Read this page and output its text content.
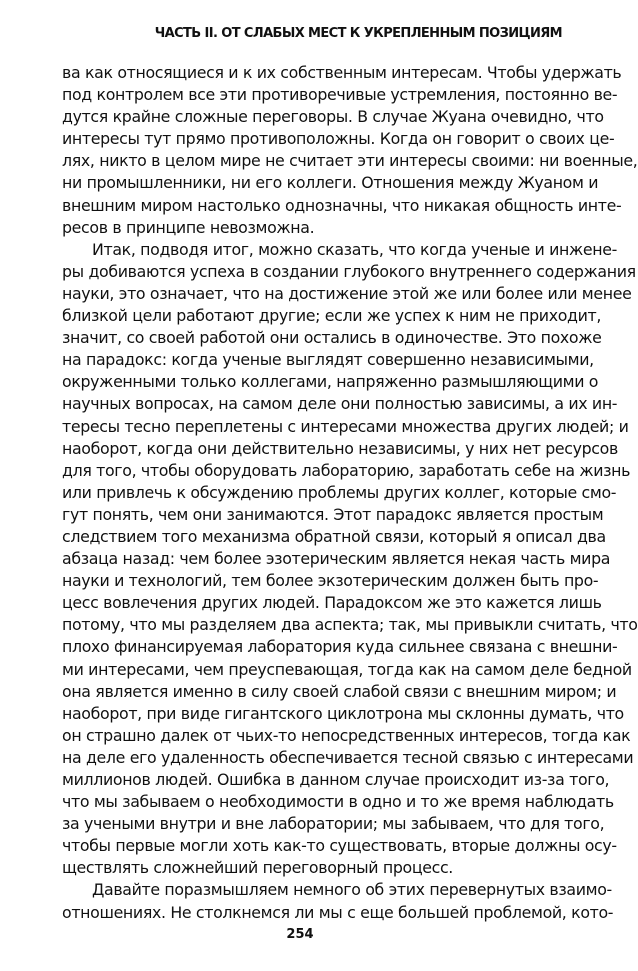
ЧАСТЬ II. ОТ СЛАБЫХ МЕСТ К УКРЕПЛЕННЫМ ПОЗИЦИЯМ
ва как относящиеся и к их собственным интересам. Чтобы удержать
под контролем все эти противоречивые устремления, постоянно ве-
дутся крайне сложные переговоры. В случае Жуана очевидно, что
интересы тут прямо противоположны. Когда он говорит о своих це-
лях, никто в целом мире не считает эти интересы своими: ни военные,
ни промышленники, ни его коллеги. Отношения между Жуаном и
внешним миром настолько однозначны, что никакая общность инте-
ресов в принципе невозможна.
Итак, подводя итог, можно сказать, что когда ученые и инжене-
ры добиваются успеха в создании глубокого внутреннего содержания
науки, это означает, что на достижение этой же или более или менее
близкой цели работают другие; если же успех к ним не приходит,
значит, со своей работой они остались в одиночестве. Это похоже
на парадокс: когда ученые выглядят совершенно независимыми,
окруженными только коллегами, напряженно размышляющими о
научных вопросах, на самом деле они полностью зависимы, а их ин-
тересы тесно переплетены с интересами множества других людей; и
наоборот, когда они действительно независимы, у них нет ресурсов
для того, чтобы оборудовать лабораторию, заработать себе на жизнь
или привлечь к обсуждению проблемы других коллег, которые смо-
гут понять, чем они занимаются. Этот парадокс является простым
следствием того механизма обратной связи, который я описал два
абзаца назад: чем более эзотерическим является некая часть мира
науки и технологий, тем более экзотерическим должен быть про-
цесс вовлечения других людей. Парадоксом же это кажется лишь
потому, что мы разделяем два аспекта; так, мы привыкли считать, что
плохо финансируемая лаборатория куда сильнее связана с внешни-
ми интересами, чем преуспевающая, тогда как на самом деле бедной
она является именно в силу своей слабой связи с внешним миром; и
наоборот, при виде гигантского циклотрона мы склонны думать, что
он страшно далек от чьих-то непосредственных интересов, тогда как
на деле его удаленность обеспечивается тесной связью с интересами
миллионов людей. Ошибка в данном случае происходит из-за того,
что мы забываем о необходимости в одно и то же время наблюдать
за учеными внутри и вне лаборатории; мы забываем, что для того,
чтобы первые могли хоть как-то существовать, вторые должны осу-
ществлять сложнейший переговорный процесс.
Давайте поразмышляем немного об этих перевернутых взаимо-
отношениях. Не столкнемся ли мы с еще большей проблемой, кото-
254
